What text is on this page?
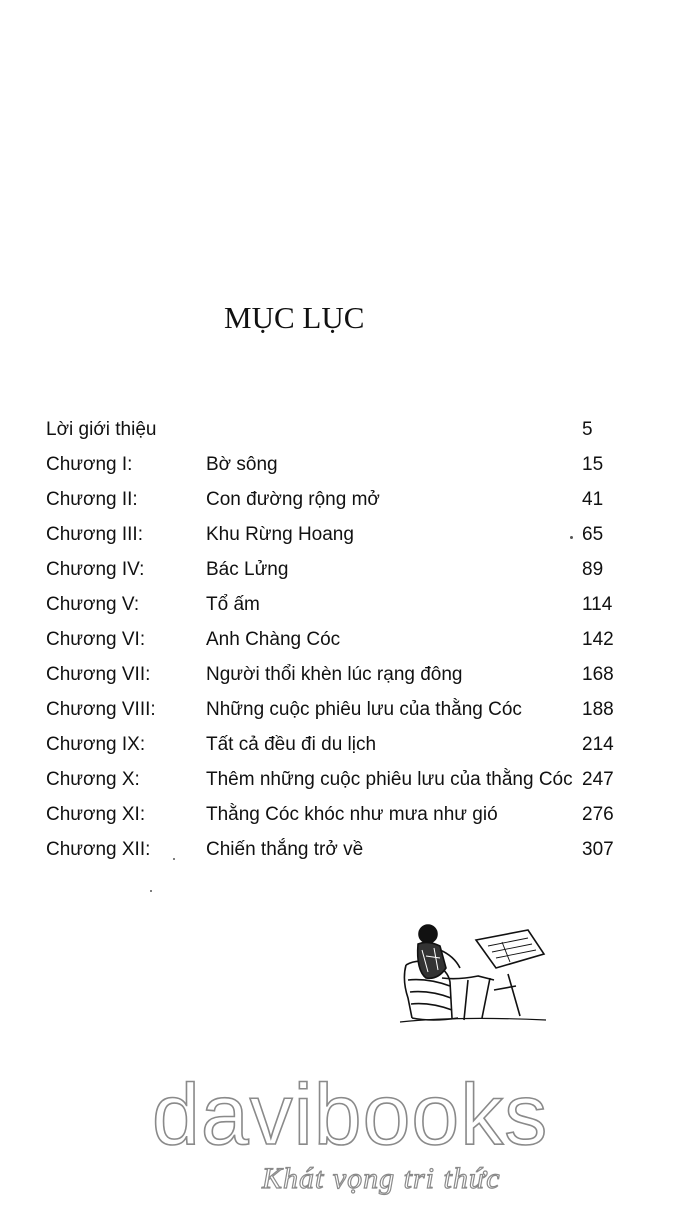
MỤC LỤC
Lời giới thiệu	5
Chương I:	Bờ sông	15
Chương II:	Con đường rộng mở	41
Chương III:	Khu Rừng Hoang	65
Chương IV:	Bác Lửng	89
Chương V:	Tổ ấm	114
Chương VI:	Anh Chàng Cóc	142
Chương VII:	Người thổi khèn lúc rạng đông	168
Chương VIII:	Những cuộc phiêu lưu của thằng Cóc	188
Chương IX:	Tất cả đều đi du lịch	214
Chương X:	Thêm những cuộc phiêu lưu của thằng Cóc 247
Chương XI:	Thằng Cóc khóc như mưa như gió	276
Chương XII:	Chiến thắng trở về	307
davibooks
Khát vọng tri thức
